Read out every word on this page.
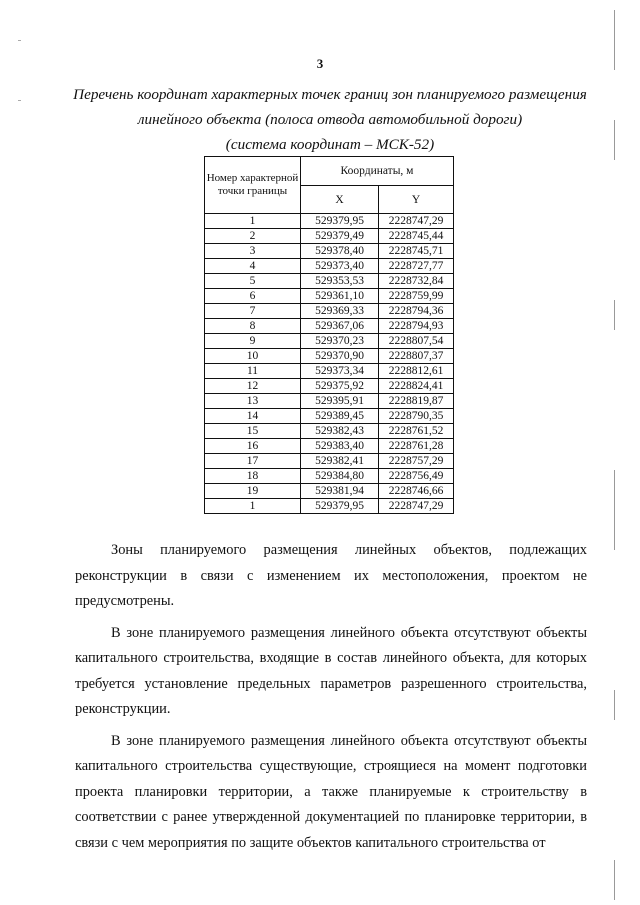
3
Перечень координат характерных точек границ зон планируемого размещения
линейного объекта (полоса отвода автомобильной дороги)
(система координат – МСК-52)
Номер характерной точки границы	Координаты, м	
	X	Y
1	529379,95	2228747,29
2	529379,49	2228745,44
3	529378,40	2228745,71
4	529373,40	2228727,77
5	529353,53	2228732,84
6	529361,10	2228759,99
7	529369,33	2228794,36
8	529367,06	2228794,93
9	529370,23	2228807,54
10	529370,90	2228807,37
11	529373,34	2228812,61
12	529375,92	2228824,41
13	529395,91	2228819,87
14	529389,45	2228790,35
15	529382,43	2228761,52
16	529383,40	2228761,28
17	529382,41	2228757,29
18	529384,80	2228756,49
19	529381,94	2228746,66
1	529379,95	2228747,29

Зоны планируемого размещения линейных объектов, подлежащих реконструкции в связи с изменением их местоположения, проектом не предусмотрены.

В зоне планируемого размещения линейного объекта отсутствуют объекты капитального строительства, входящие в состав линейного объекта, для которых требуется установление предельных параметров разрешенного строительства, реконструкции.

В зоне планируемого размещения линейного объекта отсутствуют объекты капитального строительства существующие, строящиеся на момент подготовки проекта планировки территории, а также планируемые к строительству в соответствии с ранее утвержденной документацией по планировке территории, в связи с чем мероприятия по защите объектов капитального строительства от
